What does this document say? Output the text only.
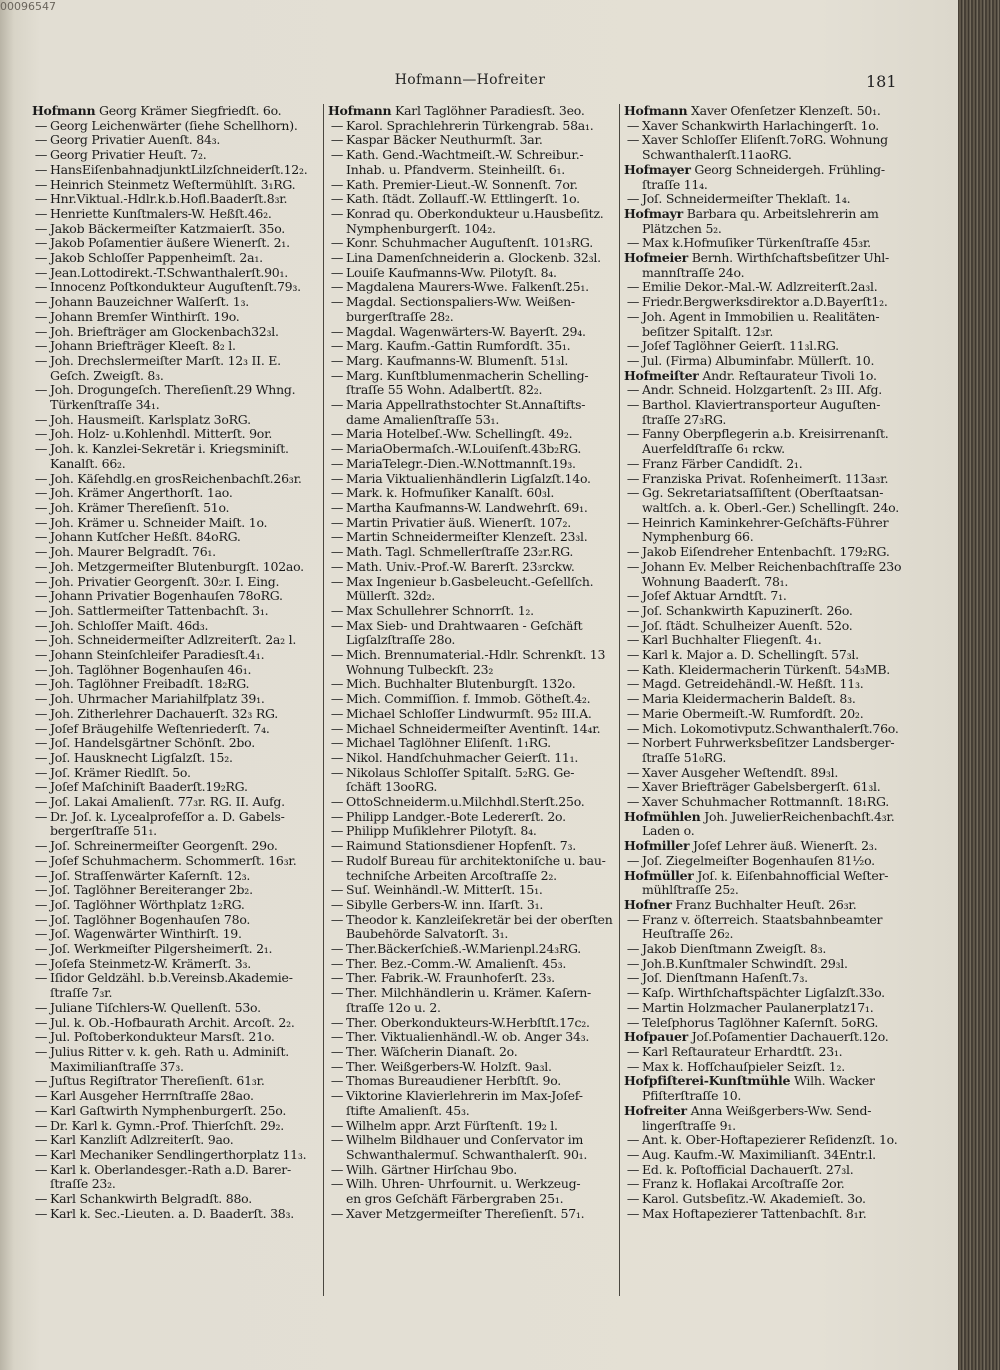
00096547
Hofmann—Hofreiter	181
Hofmann Georg Krämer Siegfriedſt. 6o.
— Georg Leichenwärter (ſiehe Schellhorn).
— Georg Privatier Auenſt. 84₃.
— Georg Privatier Heuſt. 7₂.
— HansEiſenbahnadjunktLilzſchneiderſt.12₂.
— Heinrich Steinmetz Weſtermühlſt. 3₁RG.
— Hnr.Viktual.-Hdlr.k.b.Hofl.Baaderſt.8₃r.
— Henriette Kunſtmalers-W. Heßſt.46₂.
— Jakob Bäckermeiſter Katzmaierſt. 35o.
— Jakob Poſamentier äußere Wienerſt. 2₁.
— Jakob Schloſſer Pappenheimſt. 2a₁.
— Jean.Lottodirekt.-T.Schwanthalerſt.90₁.
— Innocenz Poſtkondukteur Auguſtenſt.79₃.
— Johann Bauzeichner Walſerſt. 1₃.
— Johann Bremſer Winthirſt. 19o.
— Joh. Briefträger am Glockenbach32₃l.
— Johann Briefträger Kleeſt. 8₂ l.
— Joh. Drechslermeiſter Marſt. 12₃ II. E.
Geſch. Zweigſt. 8₃.
— Joh. Drogungeſch. Thereſienſt.29 Whng.
Türkenſtraſſe 34₁.
— Joh. Hausmeiſt. Karlsplatz 3oRG.
— Joh. Holz- u.Kohlenhdl. Mitterſt. 9or.
— Joh. k. Kanzlei-Sekretär i. Kriegsminiſt.
Kanalſt. 66₂.
— Joh. Käſehdlg.en grosReichenbachſt.26₃r.
— Joh. Krämer Angerthorſt. 1ao.
— Joh. Krämer Thereſienſt. 51o.
— Joh. Krämer u. Schneider Maiſt. 1o.
— Johann Kutſcher Heßſt. 84oRG.
— Joh. Maurer Belgradſt. 76₁.
— Joh. Metzgermeiſter Blutenburgſt. 102ao.
— Joh. Privatier Georgenſt. 30₂r. I. Eing.
— Johann Privatier Bogenhauſen 78oRG.
— Joh. Sattlermeiſter Tattenbachſt. 3₁.
— Joh. Schloſſer Maiſt. 46d₃.
— Joh. Schneidermeiſter Adlzreiterſt. 2a₂ l.
— Johann Steinſchleifer Paradiesſt.4₁.
— Joh. Taglöhner Bogenhauſen 46₁.
— Joh. Taglöhner Freibadſt. 18₂RG.
— Joh. Uhrmacher Mariahilfplatz 39₁.
— Joh. Zitherlehrer Dachauerſt. 32₃ RG.
— Joſef Bräugehilfe Weſtenriederſt. 7₄.
— Joſ. Handelsgärtner Schönſt. 2bo.
— Joſ. Hausknecht Ligſalzſt. 15₂.
— Joſ. Krämer Riedlſt. 5o.
— Joſef Maſchiniſt Baaderſt.19₂RG.
— Joſ. Lakai Amalienſt. 77₃r. RG. II. Aufg.
— Dr. Joſ. k. Lycealprofeſſor a. D. Gabels-
bergerſtraſſe 51₁.
— Joſ. Schreinermeiſter Georgenſt. 29o.
— Joſef Schuhmacherm. Schommerſt. 16₃r.
— Joſ. Straſſenwärter Kaſernſt. 12₃.
— Joſ. Taglöhner Bereiteranger 2b₂.
— Joſ. Taglöhner Wörthplatz 1₂RG.
— Joſ. Taglöhner Bogenhauſen 78o.
— Joſ. Wagenwärter Winthirſt. 19.
— Joſ. Werkmeiſter Pilgersheimerſt. 2₁.
— Joſefa Steinmetz-W. Krämerſt. 3₃.
— Iſidor Geldzähl. b.b.Vereinsb.Akademie-
ſtraſſe 7₃r.
— Juliane Tiſchlers-W. Quellenſt. 53o.
— Jul. k. Ob.-Hofbaurath Archit. Arcoſt. 2₂.
— Jul. Poſtoberkondukteur Marsſt. 21o.
— Julius Ritter v. k. geh. Rath u. Adminiſt.
Maximilianſtraſſe 37₃.
— Juſtus Regiſtrator Thereſienſt. 61₃r.
— Karl Ausgeher Herrnſtraſſe 28ao.
— Karl Gaſtwirth Nymphenburgerſt. 25o.
— Dr. Karl k. Gymn.-Prof. Thierſchſt. 29₂.
— Karl Kanzliſt Adlzreiterſt. 9ao.
— Karl Mechaniker Sendlingerthorplatz 11₃.
— Karl k. Oberlandesger.-Rath a.D. Barer-
ſtraſſe 23₂.
— Karl Schankwirth Belgradſt. 88o.
— Karl k. Sec.-Lieuten. a. D. Baaderſt. 38₃.
Hofmann Karl Taglöhner Paradiesſt. 3eo.
— Karol. Sprachlehrerin Türkengrab. 58a₁.
— Kaspar Bäcker Neuthurmſt. 3ar.
— Kath. Gend.-Wachtmeiſt.-W. Schreibur.-
Inhab. u. Pfandverm. Steinheilſt. 6₁.
— Kath. Premier-Lieut.-W. Sonnenſt. 7or.
— Kath. ſtädt. Zollaufſ.-W. Ettlingerſt. 1o.
— Konrad qu. Oberkondukteur u.Hausbeſitz.
Nymphenburgerſt. 104₂.
— Konr. Schuhmacher Auguſtenſt. 101₃RG.
— Lina Damenſchneiderin a. Glockenb. 32₃l.
— Louiſe Kaufmanns-Ww. Pilotyſt. 8₄.
— Magdalena Maurers-Wwe. Falkenſt.25₁.
— Magdal. Sectionspaliers-Ww. Weißen-
burgerſtraſſe 28₂.
— Magdal. Wagenwärters-W. Bayerſt. 29₄.
— Marg. Kaufm.-Gattin Rumfordſt. 35₁.
— Marg. Kaufmanns-W. Blumenſt. 51₃l.
— Marg. Kunſtblumenmacherin Schelling-
ſtraſſe 55 Wohn. Adalbertſt. 82₂.
— Maria Appellrathstochter St.Annaſtifts-
dame Amalienſtraſſe 53₁.
— Maria Hotelbeſ.-Ww. Schellingſt. 49₂.
— MariaObermaſch.-W.Louiſenſt.43b₂RG.
— MariaTelegr.-Dien.-W.Nottmannſt.19₃.
— Maria Viktualienhändlerin Ligſalzſt.14o.
— Mark. k. Hofmuſiker Kanalſt. 60₃l.
— Martha Kaufmanns-W. Landwehrſt. 69₁.
— Martin Privatier äuß. Wienerſt. 107₂.
— Martin Schneidermeiſter Klenzeſt. 23₃l.
— Math. Tagl. Schmellerſtraſſe 23₂r.RG.
— Math. Univ.-Prof.-W. Barerſt. 23₃rckw.
— Max Ingenieur b.Gasbeleucht.-Geſellſch.
Müllerſt. 32d₂.
— Max Schullehrer Schnorrſt. 1₂.
— Max Sieb- und Drahtwaaren - Geſchäft
Ligſalzſtraſſe 28o.
— Mich. Brennumaterial.-Hdlr. Schrenkſt. 13
Wohnung Tulbeckſt. 23₂
— Mich. Buchhalter Blutenburgſt. 132o.
— Mich. Commiſſion. f. Immob. Götheſt.4₂.
— Michael Schloſſer Lindwurmſt. 95₂ III.A.
— Michael Schneidermeiſter Aventinſt. 14₄r.
— Michael Taglöhner Eliſenſt. 1₁RG.
— Nikol. Handſchuhmacher Geierſt. 11₁.
— Nikolaus Schloſſer Spitalſt. 5₂RG. Ge-
ſchäft 13ooRG.
— OttoSchneiderm.u.Milchhdl.Sterſt.25o.
— Philipp Landger.-Bote Ledererſt. 2o.
— Philipp Muſiklehrer Pilotyſt. 8₄.
— Raimund Stationsdiener Hopfenſt. 7₃.
— Rudolf Bureau für architektoniſche u. bau-
techniſche Arbeiten Arcoſtraſſe 2₂.
— Suſ. Weinhändl.-W. Mitterſt. 15₁.
— Sibylle Gerbers-W. inn. Iſarſt. 3₁.
— Theodor k. Kanzleiſekretär bei der oberſten
Baubehörde Salvatorſt. 3₁.
— Ther.Bäckerſchieß.-W.Marienpl.24₃RG.
— Ther. Bez.-Comm.-W. Amalienſt. 45₃.
— Ther. Fabrik.-W. Fraunhoferſt. 23₃.
— Ther. Milchhändlerin u. Krämer. Kaſern-
ſtraſſe 12o u. 2.
— Ther. Oberkondukteurs-W.Herbſtſt.17c₂.
— Ther. Viktualienhändl.-W. ob. Anger 34₃.
— Ther. Wäſcherin Dianaſt. 2o.
— Ther. Weißgerbers-W. Holzſt. 9a₃l.
— Thomas Bureaudiener Herbſtſt. 9o.
— Viktorine Klavierlehrerin im Max-Joſef-
ſtifte Amalienſt. 45₃.
— Wilhelm appr. Arzt Fürſtenſt. 19₂ l.
— Wilhelm Bildhauer und Conſervator im
Schwanthalermuſ. Schwanthalerſt. 90₁.
— Wilh. Gärtner Hirſchau 9bo.
— Wilh. Uhren- Uhrfournit. u. Werkzeug-
en gros Geſchäft Färbergraben 25₁.
— Xaver Metzgermeiſter Thereſienſt. 57₁.
Hofmann Xaver Ofenſetzer Klenzeſt. 50₁.
— Xaver Schankwirth Harlachingerſt. 1o.
— Xaver Schloſſer Eliſenſt.7oRG. Wohnung
Schwanthalerſt.11aoRG.
Hofmayer Georg Schneidergeh. Frühling-
ſtraſſe 11₄.
— Joſ. Schneidermeiſter Theklaſt. 1₄.
Hofmayr Barbara qu. Arbeitslehrerin am
Plätzchen 5₂.
— Max k.Hofmuſiker Türkenſtraſſe 45₃r.
Hofmeier Bernh. Wirthſchaftsbeſitzer Uhl-
mannſtraſſe 24o.
— Emilie Dekor.-Mal.-W. Adlzreiterſt.2a₃l.
— Friedr.Bergwerksdirektor a.D.Bayerſt1₂.
— Joh. Agent in Immobilien u. Realitäten-
beſitzer Spitalſt. 12₃r.
— Joſef Taglöhner Geierſt. 11₃l.RG.
— Jul. (Firma) Albuminfabr. Müllerſt. 10.
Hofmeiſter Andr. Reſtaurateur Tivoli 1o.
— Andr. Schneid. Holzgartenſt. 2₃ III. Afg.
— Barthol. Klaviertransporteur Auguſten-
ſtraſſe 27₃RG.
— Fanny Oberpflegerin a.b. Kreisirrenanſt.
Auerfeldſtraſſe 6₁ rckw.
— Franz Färber Candidſt. 2₁.
— Franziska Privat. Roſenheimerſt. 113a₃r.
— Gg. Sekretariatsaſſiſtent (Oberſtaatsan-
waltſch. a. k. Oberl.-Ger.) Schellingſt. 24o.
— Heinrich Kaminkehrer-Geſchäfts-Führer
Nymphenburg 66.
— Jakob Eiſendreher Entenbachſt. 179₂RG.
— Johann Ev. Melber Reichenbachſtraſſe 23o
Wohnung Baaderſt. 78₁.
— Joſef Aktuar Arndtſt. 7₁.
— Joſ. Schankwirth Kapuzinerſt. 26o.
— Joſ. ſtädt. Schulheizer Auenſt. 52o.
— Karl Buchhalter Fliegenſt. 4₁.
— Karl k. Major a. D. Schellingſt. 57₃l.
— Kath. Kleidermacherin Türkenſt. 54₃MB.
— Magd. Getreidehändl.-W. Heßſt. 11₃.
— Maria Kleidermacherin Baldeſt. 8₃.
— Marie Obermeiſt.-W. Rumfordſt. 20₂.
— Mich. Lokomotivputz.Schwanthalerſt.76o.
— Norbert Fuhrwerksbeſitzer Landsberger-
ſtraſſe 51₀RG.
— Xaver Ausgeher Weſtendſt. 89₃l.
— Xaver Briefträger Gabelsbergerſt. 61₃l.
— Xaver Schuhmacher Rottmannſt. 18₁RG.
Hofmühlen Joh. JuwelierReichenbachſt.4₃r.
Laden o.
Hofmiller Joſef Lehrer äuß. Wienerſt. 2₃.
— Joſ. Ziegelmeiſter Bogenhauſen 81½o.
Hofmüller Joſ. k. Eiſenbahnofficial Weſter-
mühlſtraſſe 25₂.
Hofner Franz Buchhalter Heuſt. 26₃r.
— Franz v. öſterreich. Staatsbahnbeamter
Heuſtraſſe 26₂.
— Jakob Dienſtmann Zweigſt. 8₃.
— Joh.B.Kunſtmaler Schwindſt. 29₃l.
— Joſ. Dienſtmann Haſenſt.7₃.
— Kaſp. Wirthſchaftspächter Ligſalzſt.33o.
— Martin Holzmacher Paulanerplatz17₁.
— Teleſphorus Taglöhner Kaſernſt. 5oRG.
Hofpauer Joſ.Poſamentier Dachauerſt.12o.
— Karl Reſtaurateur Erhardtſt. 23₁.
— Max k. Hofſchauſpieler Seizſt. 1₂.
Hofpfiſterei-Kunſtmühle Wilh. Wacker
Pfiſterſtraſſe 10.
Hofreiter Anna Weißgerbers-Ww. Send-
lingerſtraſſe 9₁.
— Ant. k. Ober-Hoftapezierer Reſidenzſt. 1o.
— Aug. Kaufm.-W. Maximilianſt. 34Entr.l.
— Ed. k. Poſtofficial Dachauerſt. 27₃l.
— Franz k. Hoflakai Arcoſtraſſe 2or.
— Karol. Gutsbeſitz.-W. Akademieſt. 3o.
— Max Hoftapezierer Tattenbachſt. 8₁r.
